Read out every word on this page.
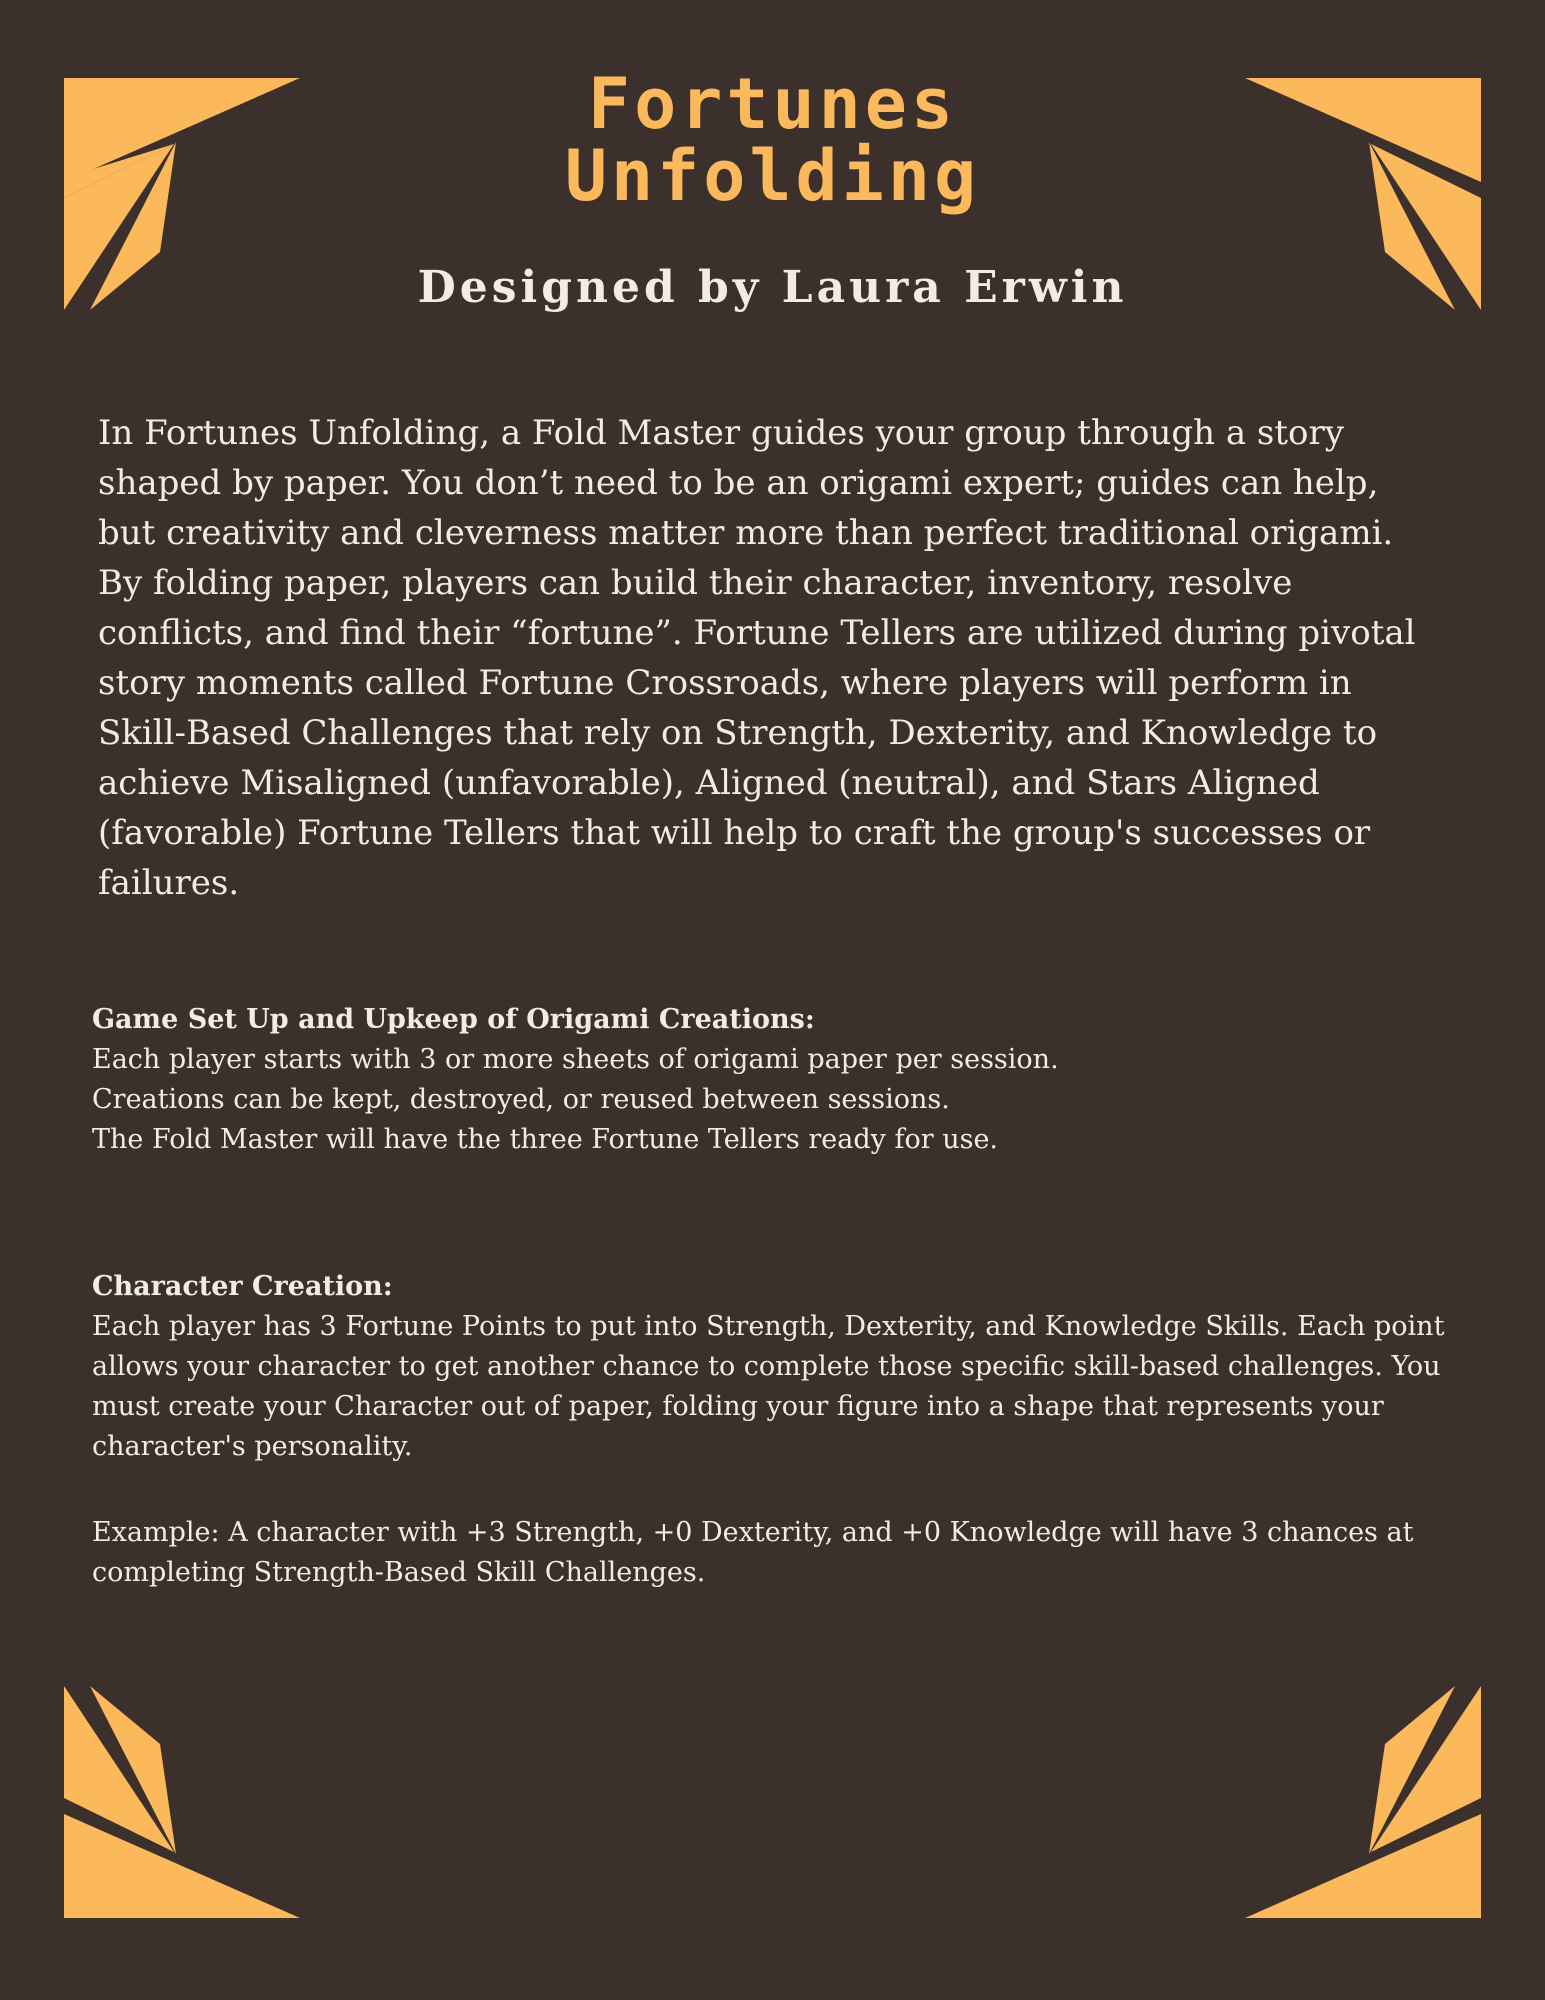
Fortunes
Unfolding
Designed by Laura Erwin

In Fortunes Unfolding, a Fold Master guides your group through a story shaped by paper. You don’t need to be an origami expert; guides can help, but creativity and cleverness matter more than perfect traditional origami. By folding paper, players can build their character, inventory, resolve conflicts, and find their “fortune”. Fortune Tellers are utilized during pivotal story moments called Fortune Crossroads, where players will perform in Skill-Based Challenges that rely on Strength, Dexterity, and Knowledge to achieve Misaligned (unfavorable), Aligned (neutral), and Stars Aligned (favorable) Fortune Tellers that will help to craft the group's successes or failures.

Game Set Up and Upkeep of Origami Creations:
Each player starts with 3 or more sheets of origami paper per session.
Creations can be kept, destroyed, or reused between sessions.
The Fold Master will have the three Fortune Tellers ready for use.
Character Creation:
Each player has 3 Fortune Points to put into Strength, Dexterity, and Knowledge Skills. Each point allows your character to get another chance to complete those specific skill-based challenges. You must create your Character out of paper, folding your figure into a shape that represents your character's personality.
Example: A character with +3 Strength, +0 Dexterity, and +0 Knowledge will have 3 chances at completing Strength-Based Skill Challenges.
